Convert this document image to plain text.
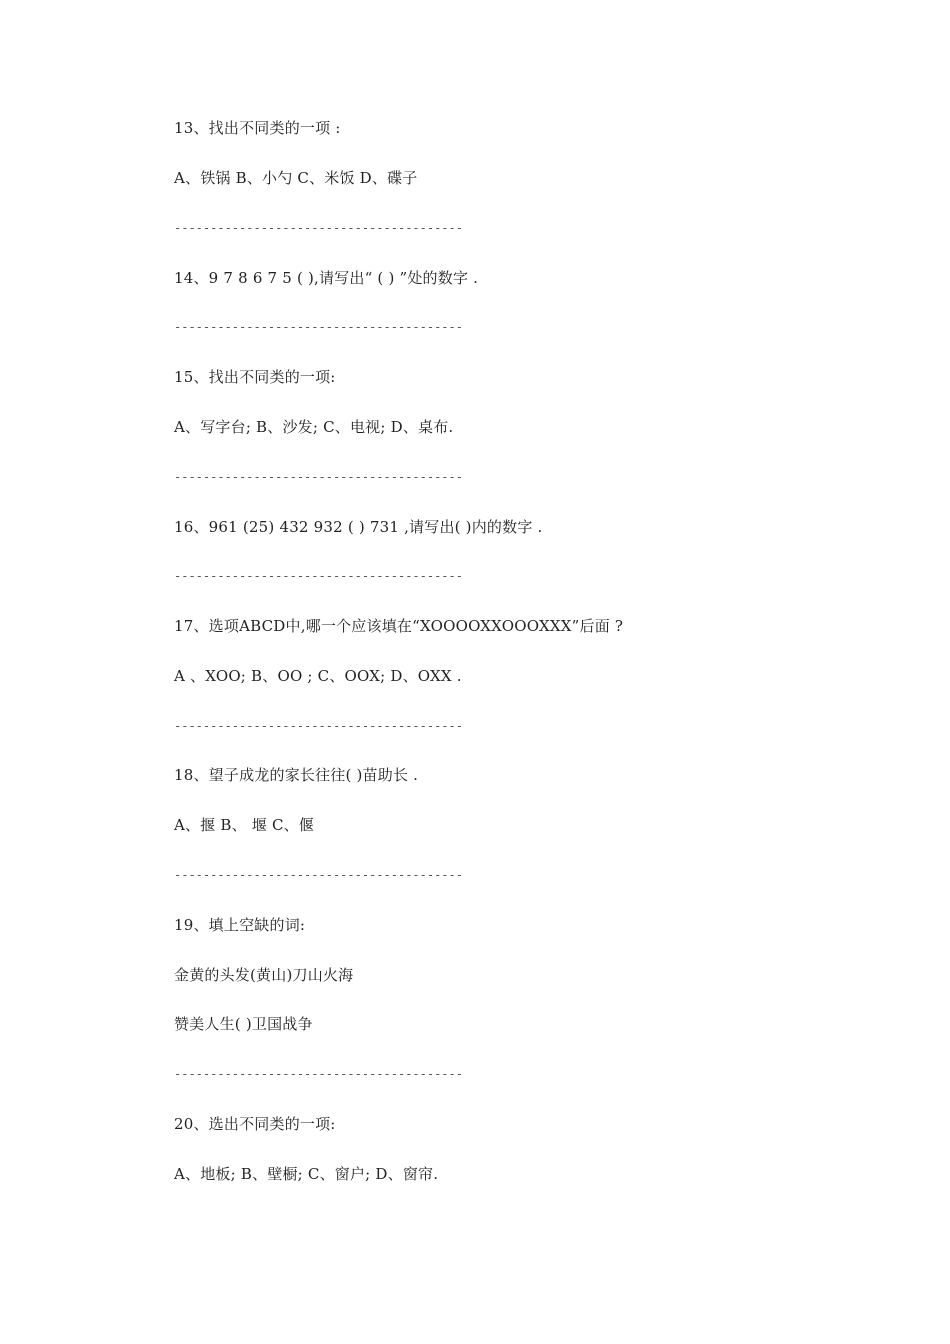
13、找出不同类的一项 :
A、铁锅 B、小勺 C、米饭 D、碟子
----------------------------------------
14、9 7 8 6 7 5 ( ),请写出“ ( ) ”处的数字 .
----------------------------------------
15、找出不同类的一项:
A、写字台; B、沙发; C、电视; D、桌布.
----------------------------------------
16、961 (25) 432 932 ( ) 731 ,请写出( )内的数字 .
----------------------------------------
17、选项ABCD中,哪一个应该填在“XOOOOXXOOOXXX”后面 ?
A 、XOO; B、OO ; C、OOX; D、OXX .
----------------------------------------
18、望子成龙的家长往往( )苗助长 .
A、揠 B、 堰 C、偃
----------------------------------------
19、填上空缺的词:
金黄的头发(黄山)刀山火海
赞美人生( )卫国战争
----------------------------------------
20、选出不同类的一项:
A、地板; B、壁橱; C、窗户; D、窗帘.
